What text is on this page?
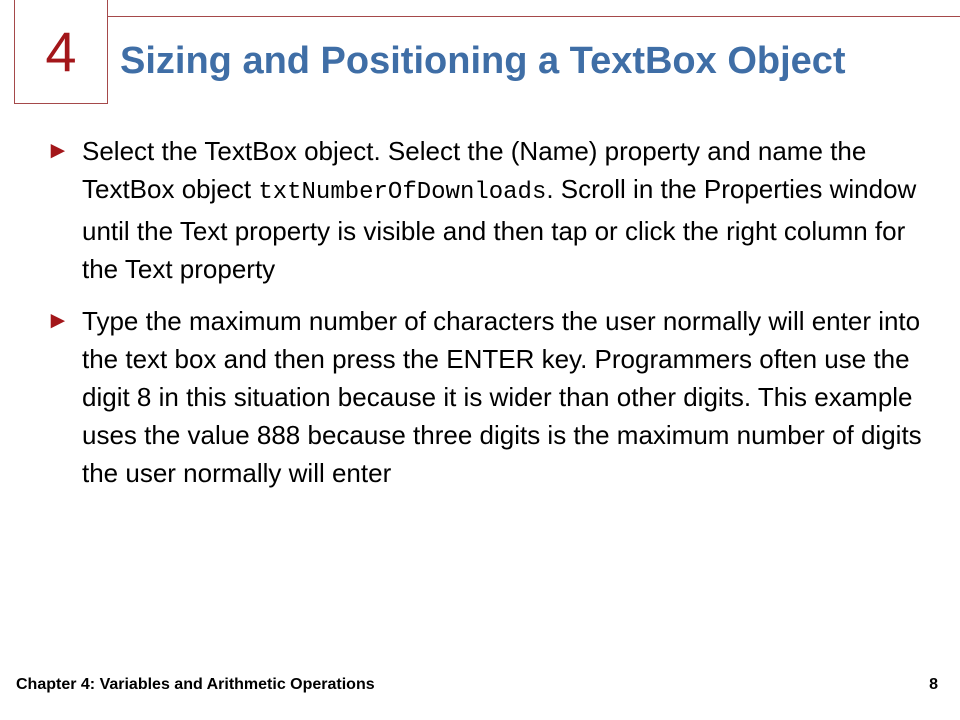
4 Sizing and Positioning a TextBox Object
► Select the TextBox object. Select the (Name) property and name the TextBox object txtNumberOfDownloads. Scroll in the Properties window until the Text property is visible and then tap or click the right column for the Text property
► Type the maximum number of characters the user normally will enter into the text box and then press the ENTER key. Programmers often use the digit 8 in this situation because it is wider than other digits. This example uses the value 888 because three digits is the maximum number of digits the user normally will enter
Chapter 4: Variables and Arithmetic Operations	8
